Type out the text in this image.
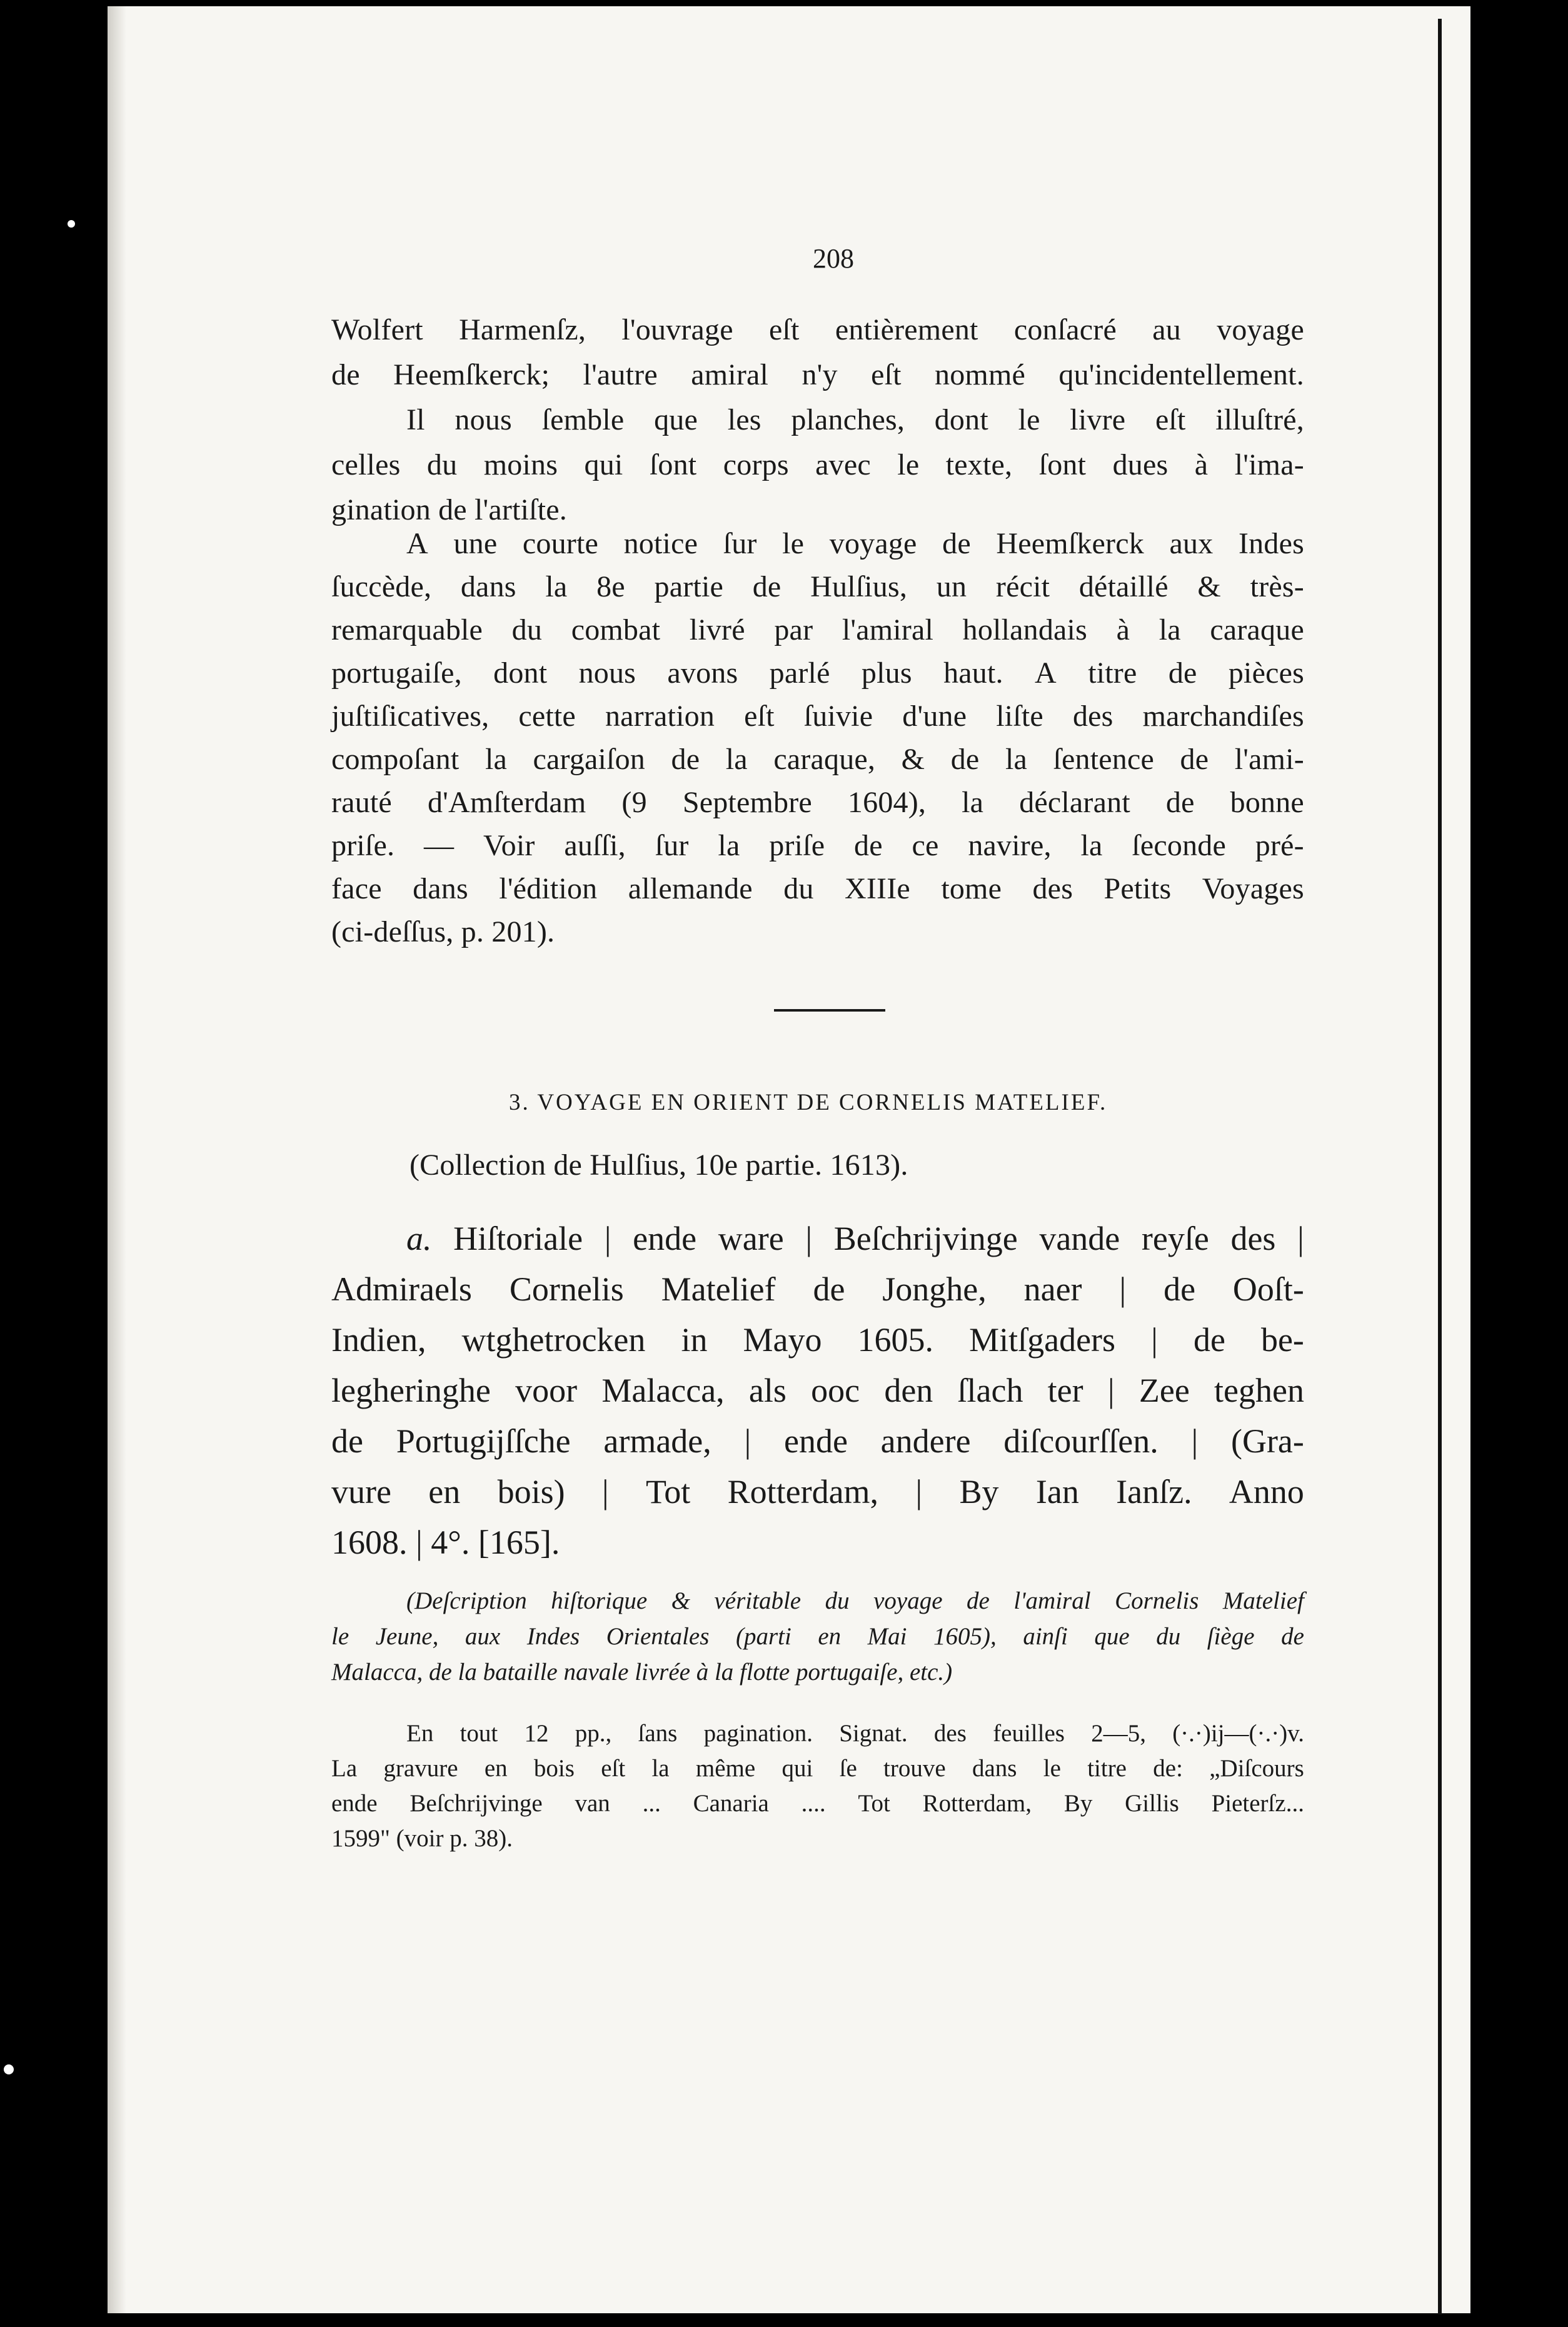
208
Wolfert Harmenſz, l'ouvrage eſt entièrement conſacré au voyage
de Heemſkerck; l'autre amiral n'y eſt nommé qu'incidentellement.
Il nous ſemble que les planches, dont le livre eſt illuſtré,
celles du moins qui ſont corps avec le texte, ſont dues à l'ima-
gination de l'artiſte.
A une courte notice ſur le voyage de Heemſkerck aux Indes
ſuccède, dans la 8e partie de Hulſius, un récit détaillé & très-
remarquable du combat livré par l'amiral hollandais à la caraque
portugaiſe, dont nous avons parlé plus haut. A titre de pièces
juſtiſicatives, cette narration eſt ſuivie d'une liſte des marchandiſes
compoſant la cargaiſon de la caraque, & de la ſentence de l'ami-
rauté d'Amſterdam (9 Septembre 1604), la déclarant de bonne
priſe. — Voir auſſi, ſur la priſe de ce navire, la ſeconde pré-
face dans l'édition allemande du XIIIe tome des Petits Voyages
(ci-deſſus, p. 201).
3. VOYAGE EN ORIENT DE CORNELIS MATELIEF.
(Collection de Hulſius, 10e partie. 1613).
a. Hiſtoriale | ende ware | Beſchrijvinge vande reyſe des |
Admiraels Cornelis Matelief de Jonghe, naer | de Ooſt-
Indien, wtghetrocken in Mayo 1605. Mitſgaders | de be-
legheringhe voor Malacca, als ooc den ſlach ter | Zee teghen
de Portugijſſche armade, | ende andere diſcourſſen. | (Gra-
vure en bois) | Tot Rotterdam, | By Ian Ianſz. Anno
1608. | 4°. [165].
(Deſcription hiſtorique & véritable du voyage de l'amiral Cornelis Matelief
le Jeune, aux Indes Orientales (parti en Mai 1605), ainſi que du ſiège de
Malacca, de la bataille navale livrée à la flotte portugaiſe, etc.)
En tout 12 pp., ſans pagination. Signat. des feuilles 2—5, (·.·)ij—(·.·)v.
La gravure en bois eſt la même qui ſe trouve dans le titre de: „Diſcours
ende Beſchrijvinge van ... Canaria .... Tot Rotterdam, By Gillis Pieterſz...
1599" (voir p. 38).
